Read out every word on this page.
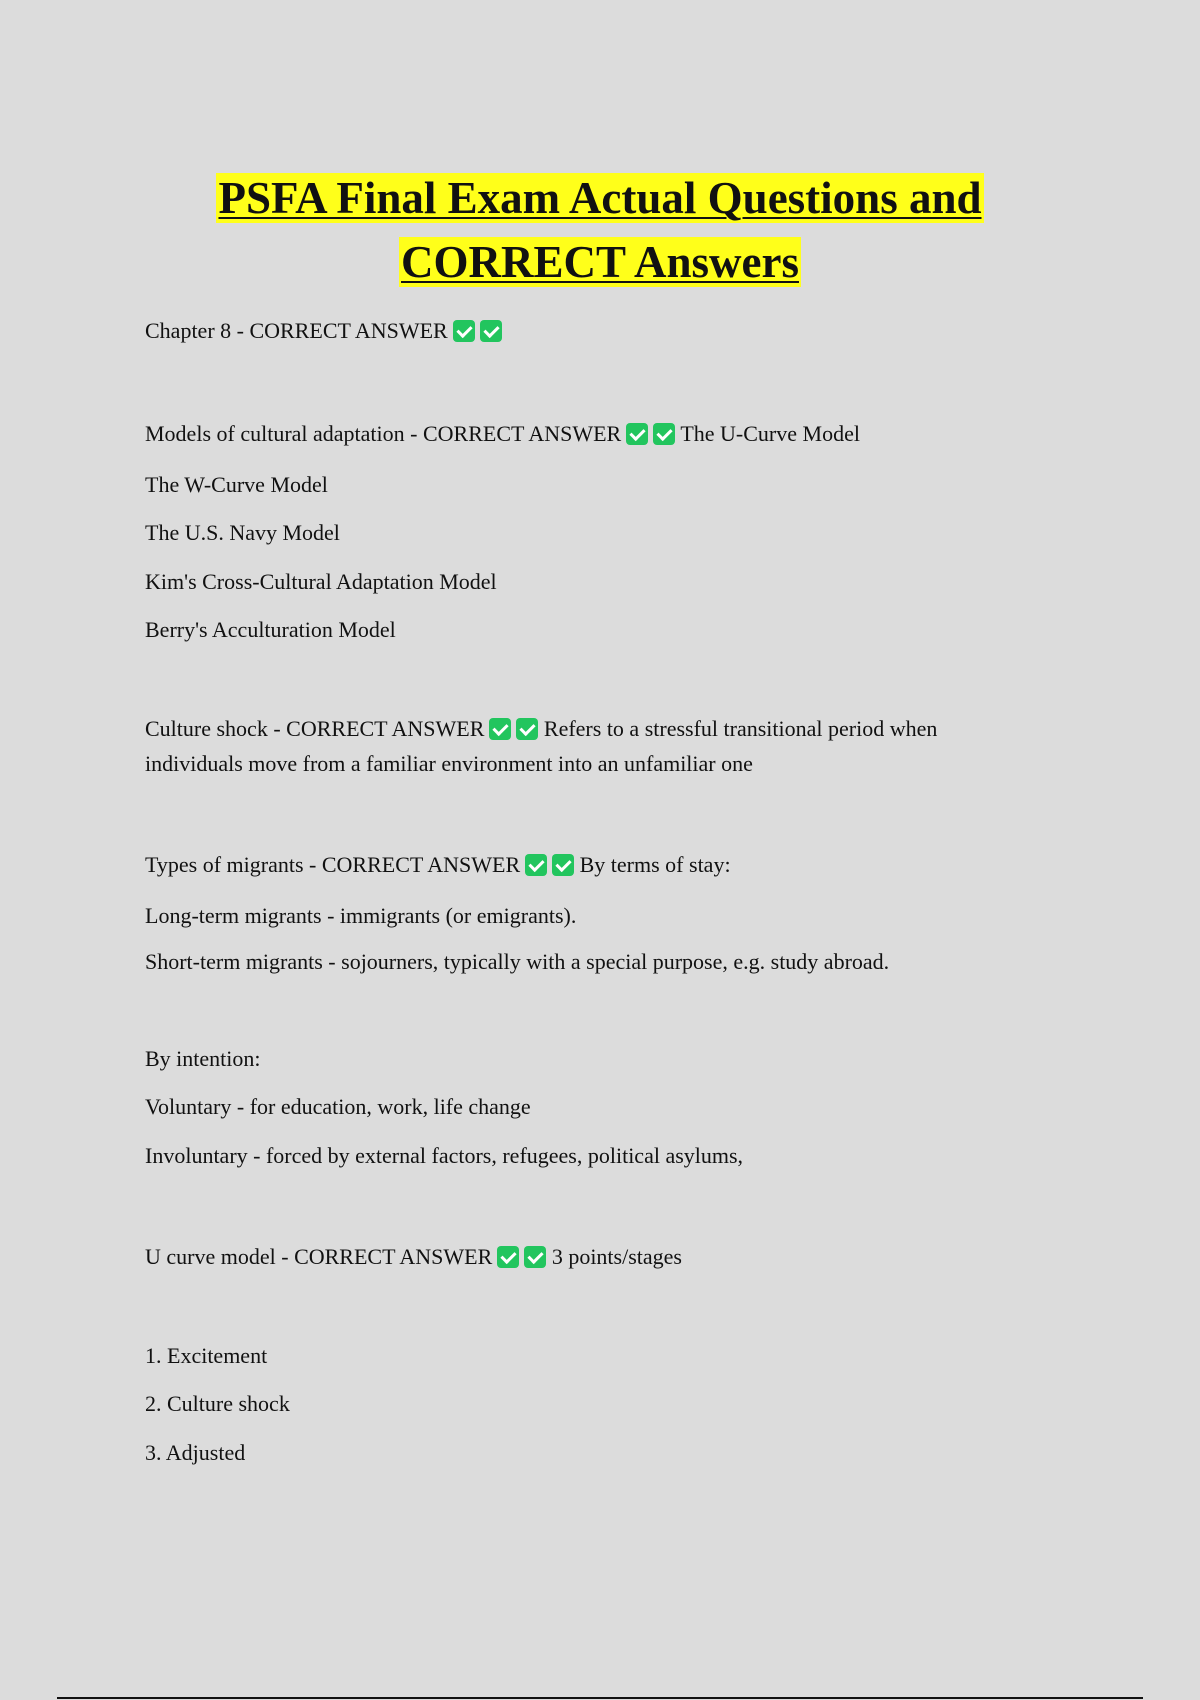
PSFA Final Exam Actual Questions and
CORRECT Answers
Chapter 8 - CORRECT ANSWER
Models of cultural adaptation - CORRECT ANSWER	The U-Curve Model
The W-Curve Model
The U.S. Navy Model
Kim's Cross-Cultural Adaptation Model
Berry's Acculturation Model
Culture shock - CORRECT ANSWER	Refers to a stressful transitional period when
individuals move from a familiar environment into an unfamiliar one
Types of migrants - CORRECT ANSWER	By terms of stay:
Long-term migrants - immigrants (or emigrants).
Short-term migrants - sojourners, typically with a special purpose, e.g. study abroad.
By intention:
Voluntary - for education, work, life change
Involuntary - forced by external factors, refugees, political asylums,
U curve model - CORRECT ANSWER	3 points/stages
1. Excitement
2. Culture shock
3. Adjusted
